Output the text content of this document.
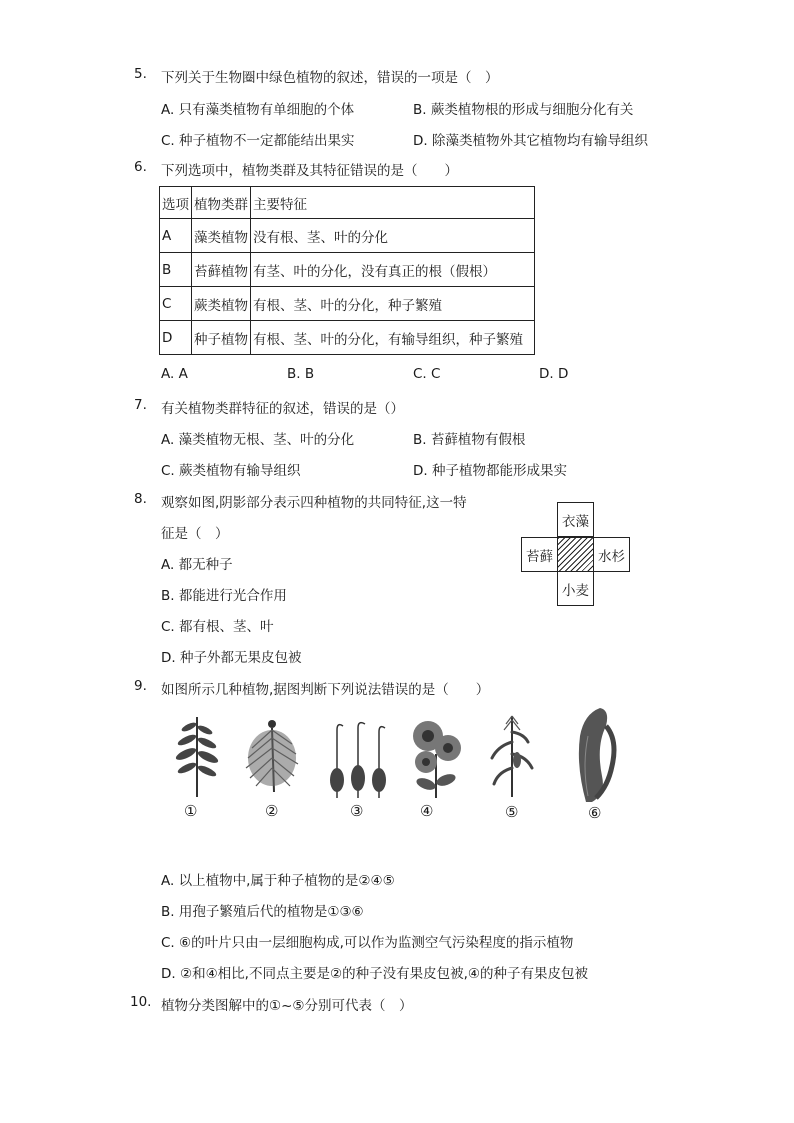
5. 下列关于生物圈中绿色植物的叙述，错误的一项是（　）
A. 只有藻类植物有单细胞的个体	B. 蕨类植物根的形成与细胞分化有关
C. 种子植物不一定都能结出果实	D. 除藻类植物外其它植物均有输导组织
6. 下列选项中，植物类群及其特征错误的是（　　）
选项	植物类群	主要特征
A	藻类植物	没有根、茎、叶的分化
B	苔藓植物	有茎、叶的分化，没有真正的根（假根）
C	蕨类植物	有根、茎、叶的分化，种子繁殖
D	种子植物	有根、茎、叶的分化，有输导组织，种子繁殖
A. A	B. B	C. C	D. D
7. 有关植物类群特征的叙述，错误的是（）
A. 藻类植物无根、茎、叶的分化	B. 苔藓植物有假根
C. 蕨类植物有输导组织	D. 种子植物都能形成果实
8. 观察如图,阴影部分表示四种植物的共同特征,这一特
征是（　）
A. 都无种子
B. 都能进行光合作用
C. 都有根、茎、叶
D. 种子外都无果皮包被
衣藻
苔藓	水杉
小麦
9. 如图所示几种植物,据图判断下列说法错误的是（　　）
①	②	③	④	⑤	⑥
A. 以上植物中,属于种子植物的是②④⑤
B. 用孢子繁殖后代的植物是①③⑥
C. ⑥的叶片只由一层细胞构成,可以作为监测空气污染程度的指示植物
D. ②和④相比,不同点主要是②的种子没有果皮包被,④的种子有果皮包被
10. 植物分类图解中的①~⑤分别可代表（　）
